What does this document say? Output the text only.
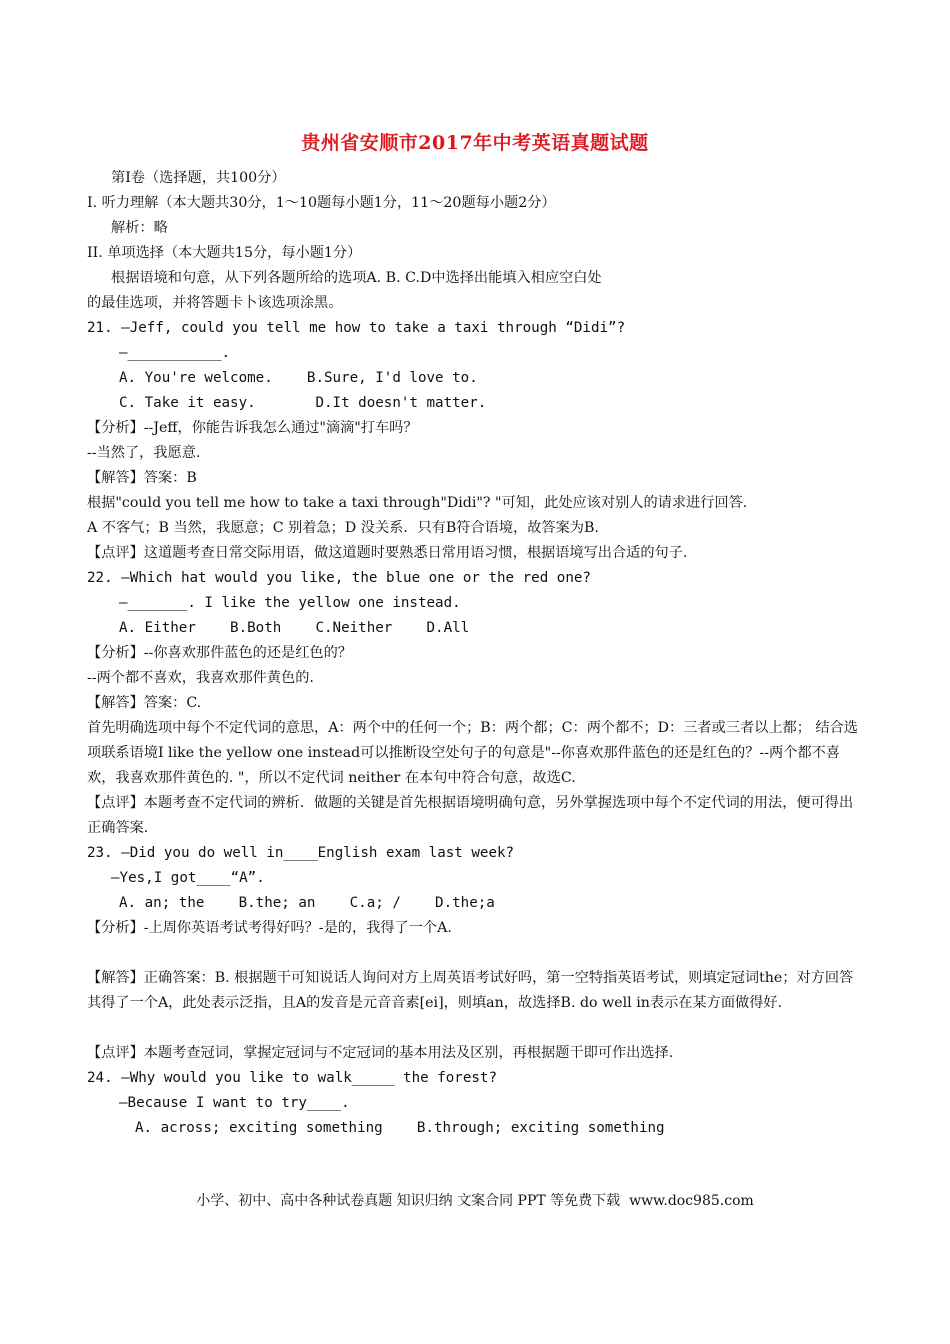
贵州省安顺市2017年中考英语真题试题
第Ⅰ卷（选择题，共100分）
I. 听力理解（本大题共30分，1～10题每小题1分，11～20题每小题2分）
解析：略
II. 单项选择（本大题共15分，每小题1分）
根据语境和句意，从下列各题所给的选项A. B. C.D中选择出能填入相应空白处
的最佳选项，并将答题卡卜该选项涂黑。
21. —Jeff, could you tell me how to take a taxi through “Didi”?
—___________.
A. You're welcome.    B.Sure, I'd love to.
C. Take it easy.       D.It doesn't matter.
【分析】--Jeff，你能告诉我怎么通过"滴滴"打车吗？
--当然了，我愿意.
【解答】答案：B
根据"could you tell me how to take a taxi through"Didi"? "可知，此处应该对别人的请求进行回答.
A 不客气；B 当然，我愿意；C 别着急；D 没关系．只有B符合语境，故答案为B.
【点评】这道题考查日常交际用语，做这道题时要熟悉日常用语习惯，根据语境写出合适的句子.
22. —Which hat would you like, the blue one or the red one?
—_______. I like the yellow one instead.
A. Either    B.Both    C.Neither    D.All
【分析】--你喜欢那件蓝色的还是红色的？
--两个都不喜欢，我喜欢那件黄色的.
【解答】答案：C.
首先明确选项中每个不定代词的意思，A：两个中的任何一个；B：两个都；C：两个都不；D：三者或三者以上都； 结合选项联系语境I like the yellow one instead可以推断设空处句子的句意是"--你喜欢那件蓝色的还是红色的？--两个都不喜欢，我喜欢那件黄色的. "，所以不定代词 neither 在本句中符合句意，故选C.
【点评】本题考查不定代词的辨析．做题的关键是首先根据语境明确句意，另外掌握选项中每个不定代词的用法，便可得出正确答案.
23. —Did you do well in____English exam last week?
—Yes,I got____“A”.
A. an; the    B.the; an    C.a; /    D.the;a
【分析】-上周你英语考试考得好吗？-是的，我得了一个A.
【解答】正确答案：B. 根据题干可知说话人询问对方上周英语考试好吗，第一空特指英语考试，则填定冠词the；对方回答其得了一个A，此处表示泛指，且A的发音是元音音素[ei]，则填an，故选择B. do well in表示在某方面做得好.
【点评】本题考查冠词，掌握定冠词与不定冠词的基本用法及区别，再根据题干即可作出选择.
24. —Why would you like to walk_____ the forest?
—Because I want to try____.
A. across; exciting something    B.through; exciting something
小学、初中、高中各种试卷真题 知识归纳 文案合同 PPT 等免费下载  www.doc985.com
